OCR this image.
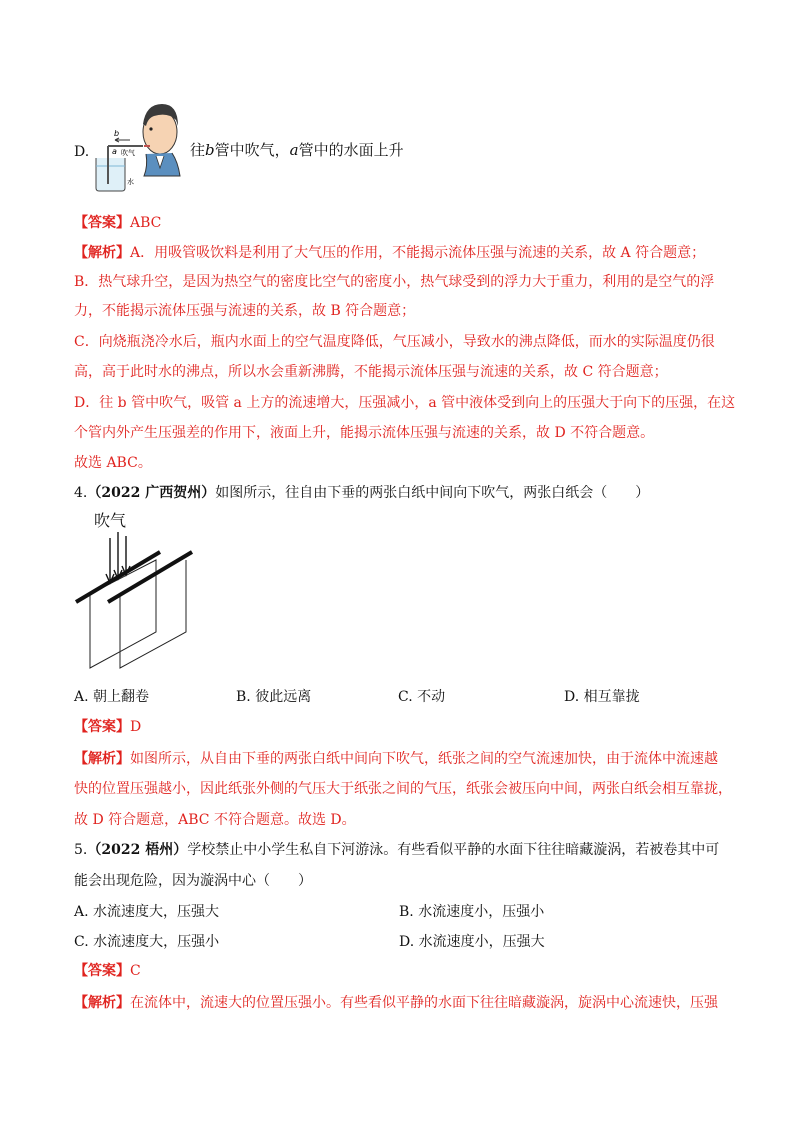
D.
b
a 吹气
水
往b管中吹气，a管中的水面上升
【答案】ABC
【解析】A．用吸管吸饮料是利用了大气压的作用，不能揭示流体压强与流速的关系，故 A 符合题意；
B．热气球升空，是因为热空气的密度比空气的密度小，热气球受到的浮力大于重力，利用的是空气的浮
力，不能揭示流体压强与流速的关系，故 B 符合题意；
C．向烧瓶浇冷水后，瓶内水面上的空气温度降低，气压减小，导致水的沸点降低，而水的实际温度仍很
高，高于此时水的沸点，所以水会重新沸腾，不能揭示流体压强与流速的关系，故 C 符合题意；
D．往 b 管中吹气，吸管 a 上方的流速增大，压强减小，a 管中液体受到向上的压强大于向下的压强，在这
个管内外产生压强差的作用下，液面上升，能揭示流体压强与流速的关系，故 D 不符合题意。
故选 ABC。
4.（2022 广西贺州）如图所示，往自由下垂的两张白纸中间向下吹气，两张白纸会（　　）
吹气
A. 朝上翻卷	B. 彼此远离	C. 不动	D. 相互靠拢
【答案】D
【解析】如图所示，从自由下垂的两张白纸中间向下吹气，纸张之间的空气流速加快，由于流体中流速越
快的位置压强越小，因此纸张外侧的气压大于纸张之间的气压，纸张会被压向中间，两张白纸会相互靠拢，
故 D 符合题意，ABC 不符合题意。故选 D。
5.（2022 梧州）学校禁止中小学生私自下河游泳。有些看似平静的水面下往往暗藏漩涡，若被卷其中可
能会出现危险，因为漩涡中心（　　）
A. 水流速度大，压强大	B. 水流速度小，压强小
C. 水流速度大，压强小	D. 水流速度小，压强大
【答案】C
【解析】在流体中，流速大的位置压强小。有些看似平静的水面下往往暗藏漩涡，旋涡中心流速快，压强
